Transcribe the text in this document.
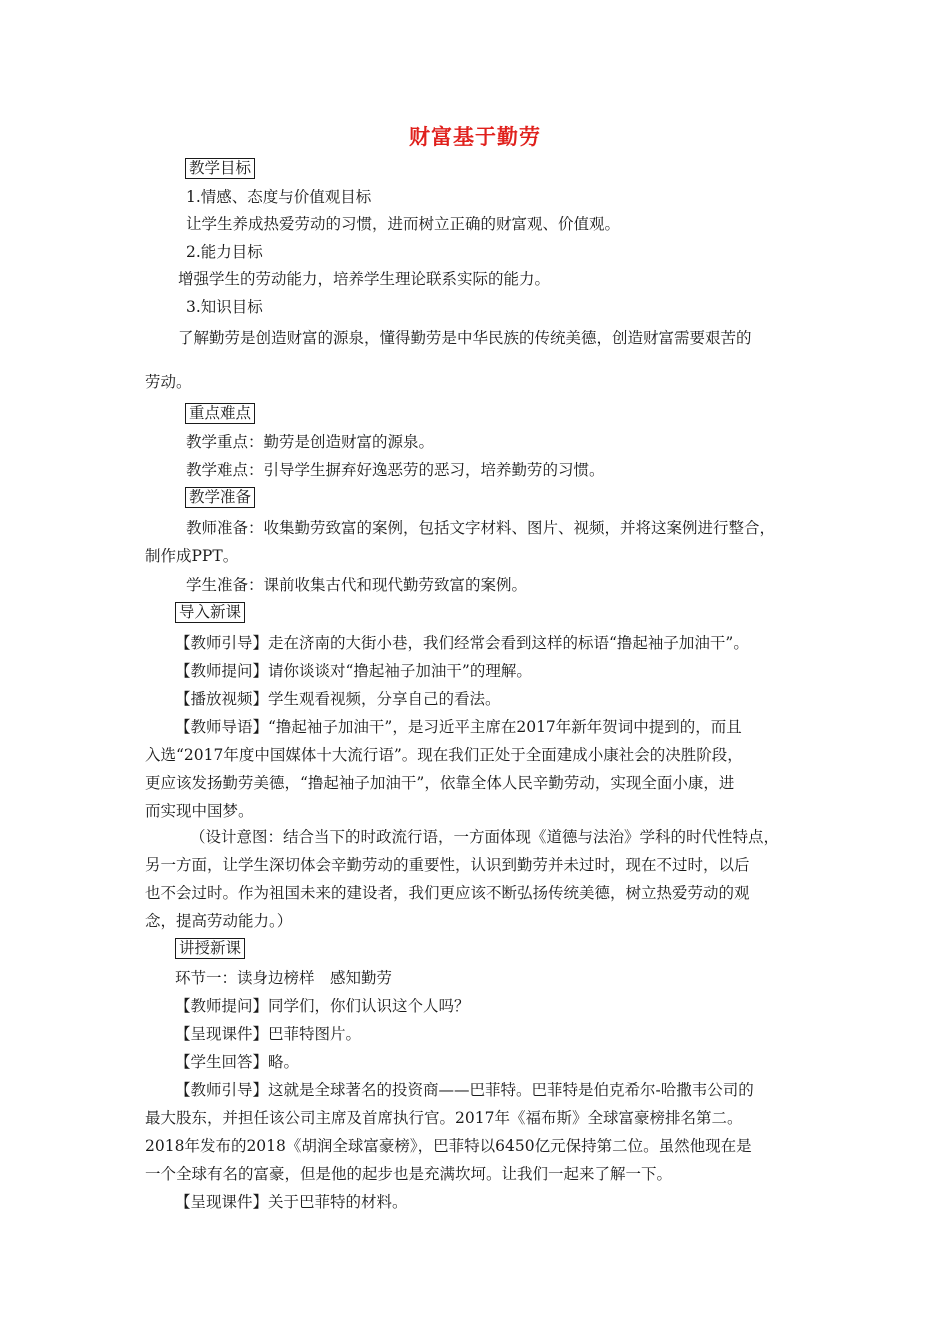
财富基于勤劳
教学目标
1.情感、态度与价值观目标
让学生养成热爱劳动的习惯，进而树立正确的财富观、价值观。
2.能力目标
增强学生的劳动能力，培养学生理论联系实际的能力。
3.知识目标
了解勤劳是创造财富的源泉，懂得勤劳是中华民族的传统美德，创造财富需要艰苦的
劳动。
重点难点
教学重点：勤劳是创造财富的源泉。
教学难点：引导学生摒弃好逸恶劳的恶习，培养勤劳的习惯。
教学准备
教师准备：收集勤劳致富的案例，包括文字材料、图片、视频，并将这案例进行整合，
制作成PPT。
学生准备：课前收集古代和现代勤劳致富的案例。
导入新课
【教师引导】走在济南的大街小巷，我们经常会看到这样的标语“撸起袖子加油干”。
【教师提问】请你谈谈对“撸起袖子加油干”的理解。
【播放视频】学生观看视频，分享自己的看法。
【教师导语】“撸起袖子加油干”，是习近平主席在2017年新年贺词中提到的，而且
入选“2017年度中国媒体十大流行语”。现在我们正处于全面建成小康社会的决胜阶段，
更应该发扬勤劳美德，“撸起袖子加油干”，依靠全体人民辛勤劳动，实现全面小康，进
而实现中国梦。
（设计意图：结合当下的时政流行语，一方面体现《道德与法治》学科的时代性特点，
另一方面，让学生深切体会辛勤劳动的重要性，认识到勤劳并未过时，现在不过时，以后
也不会过时。作为祖国未来的建设者，我们更应该不断弘扬传统美德，树立热爱劳动的观
念，提高劳动能力。）
讲授新课
环节一：读身边榜样　感知勤劳
【教师提问】同学们，你们认识这个人吗？
【呈现课件】巴菲特图片。
【学生回答】略。
【教师引导】这就是全球著名的投资商——巴菲特。巴菲特是伯克希尔-哈撒韦公司的
最大股东，并担任该公司主席及首席执行官。2017年《福布斯》全球富豪榜排名第二。
2018年发布的2018《胡润全球富豪榜》，巴菲特以6450亿元保持第二位。虽然他现在是
一个全球有名的富豪，但是他的起步也是充满坎坷。让我们一起来了解一下。
【呈现课件】关于巴菲特的材料。
